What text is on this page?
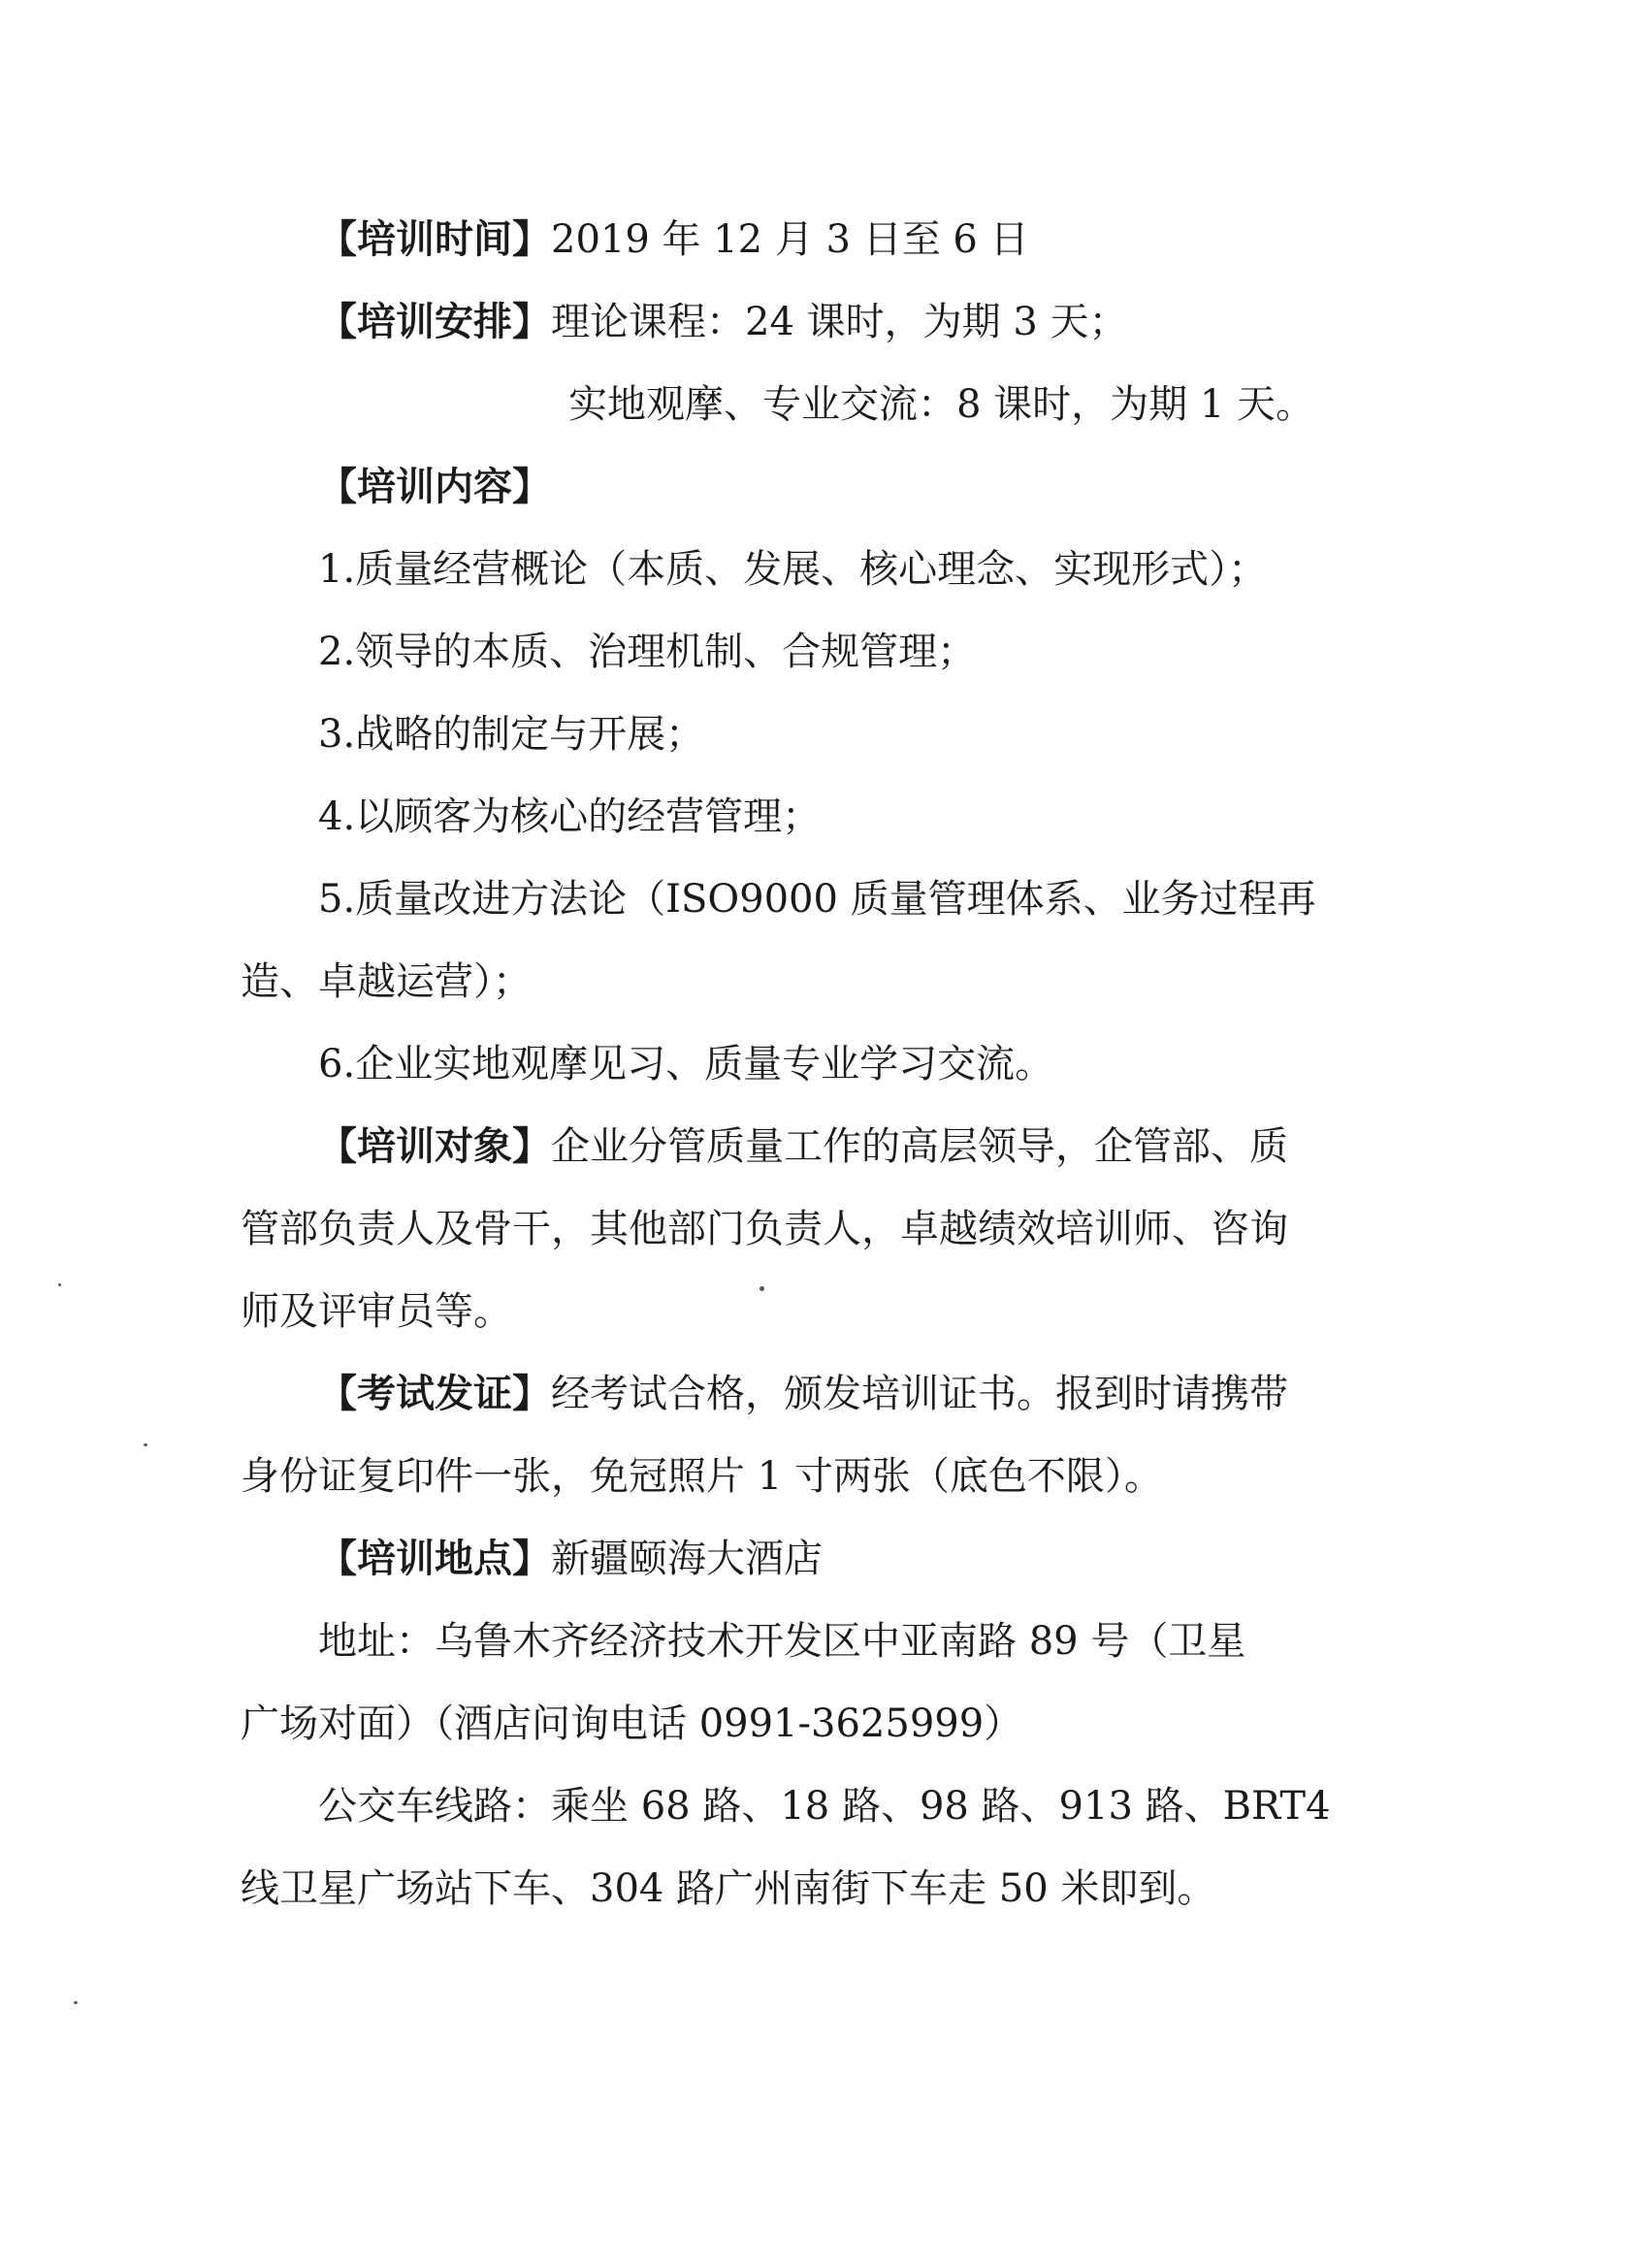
【培训时间】2019 年 12 月 3 日至 6 日
【培训安排】理论课程：24 课时，为期 3 天；
实地观摩、专业交流：8 课时，为期 1 天。
【培训内容】
1.质量经营概论（本质、发展、核心理念、实现形式）；
2.领导的本质、治理机制、合规管理；
3.战略的制定与开展；
4.以顾客为核心的经营管理；
5.质量改进方法论（ISO9000 质量管理体系、业务过程再
造、卓越运营）；
6.企业实地观摩见习、质量专业学习交流。
【培训对象】企业分管质量工作的高层领导，企管部、质
管部负责人及骨干，其他部门负责人，卓越绩效培训师、咨询
师及评审员等。
【考试发证】经考试合格，颁发培训证书。报到时请携带
身份证复印件一张，免冠照片 1 寸两张（底色不限）。
【培训地点】新疆颐海大酒店
地址：乌鲁木齐经济技术开发区中亚南路 89 号（卫星
广场对面）（酒店问询电话 0991-3625999）
公交车线路：乘坐 68 路、18 路、98 路、913 路、BRT4
线卫星广场站下车、304 路广州南街下车走 50 米即到。
